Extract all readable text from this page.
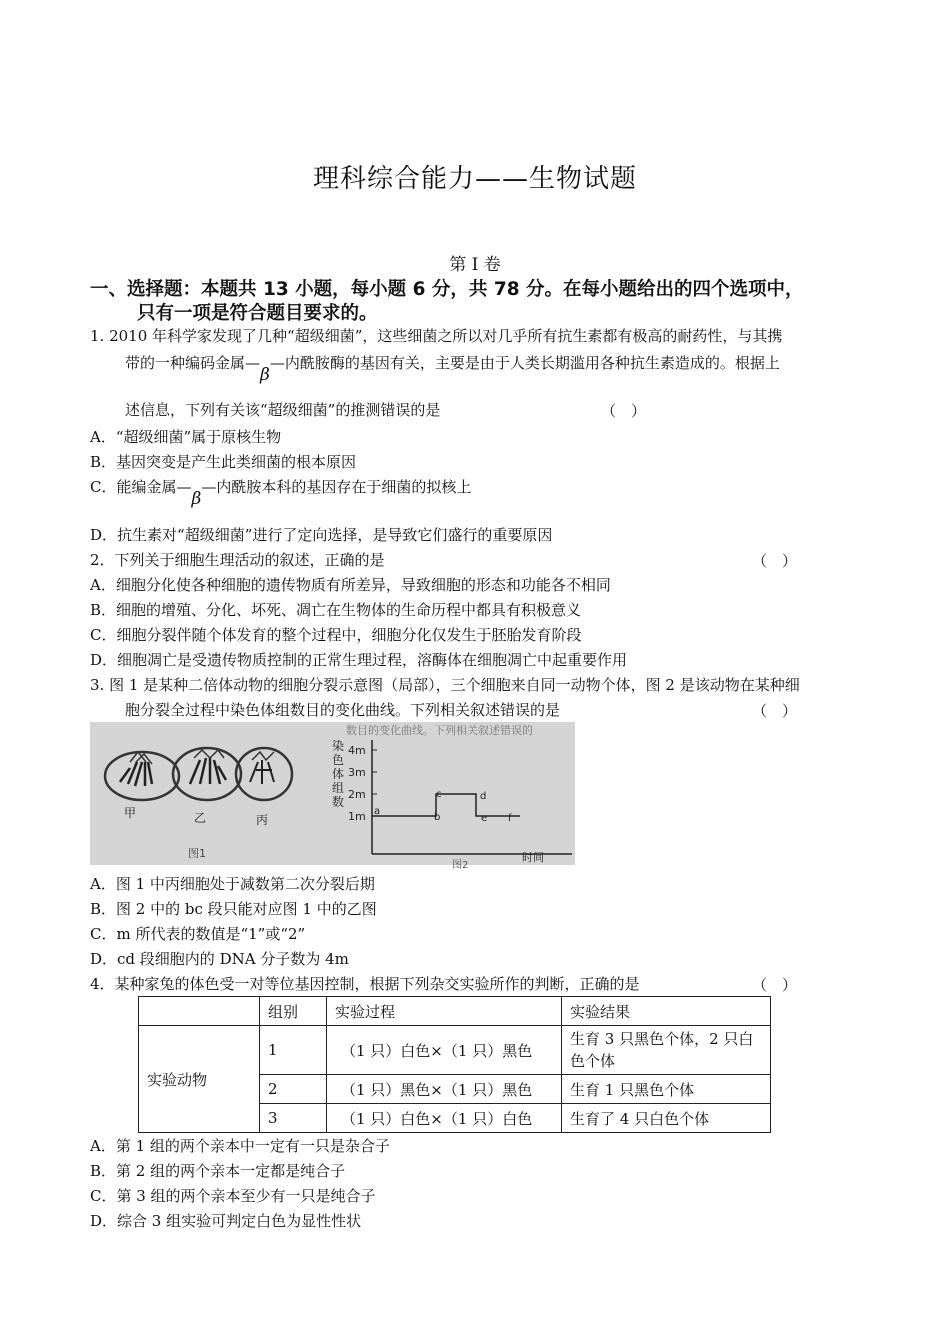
理科综合能力——生物试题
第 I 卷
一、选择题：本题共 13 小题，每小题 6 分，共 78 分。在每小题给出的四个选项中，
只有一项是符合题目要求的。
1. 2010 年科学家发现了几种“超级细菌”，这些细菌之所以对几乎所有抗生素都有极高的耐药性，与其携
带的一种编码金属—β—内酰胺酶的基因有关，主要是由于人类长期滥用各种抗生素造成的。根据上
述信息，下列有关该“超级细菌”的推测错误的是	（　）
A．“超级细菌”属于原核生物
B．基因突变是产生此类细菌的根本原因
C．能编金属—β—内酰胺本科的基因存在于细菌的拟核上
D．抗生素对“超级细菌”进行了定向选择，是导致它们盛行的重要原因
2．下列关于细胞生理活动的叙述，正确的是	（　）
A．细胞分化使各种细胞的遗传物质有所差异，导致细胞的形态和功能各不相同
B．细胞的增殖、分化、坏死、凋亡在生物体的生命历程中都具有积极意义
C．细胞分裂伴随个体发育的整个过程中，细胞分化仅发生于胚胎发育阶段
D．细胞凋亡是受遗传物质控制的正常生理过程，溶酶体在细胞凋亡中起重要作用
3. 图 1 是某种二倍体动物的细胞分裂示意图（局部），三个细胞来自同一动物个体，图 2 是该动物在某种细
胞分裂全过程中染色体组数目的变化曲线。下列相关叙述错误的是	（　）
甲	乙	丙
图1
数目的变化曲线。下列相关叙述错误的
染
色
体
组
数
4m
3m
2m
1m a
b
c	d
e f
时间
图2
A．图 1 中丙细胞处于减数第二次分裂后期
B．图 2 中的 bc 段只能对应图 1 中的乙图
C．m 所代表的数值是“1”或“2”
D．cd 段细胞内的 DNA 分子数为 4m
4．某种家兔的体色受一对等位基因控制，根据下列杂交实验所作的判断，正确的是	（　）
	组别	实验过程	实验结果
实验动物	1	（1 只）白色×（1 只）黑色	生育 3 只黑色个体，2 只白色个体
	2	（1 只）黑色×（1 只）黑色	生育 1 只黑色个体
	3	（1 只）白色×（1 只）白色	生育了 4 只白色个体
A．第 1 组的两个亲本中一定有一只是杂合子
B．第 2 组的两个亲本一定都是纯合子
C．第 3 组的两个亲本至少有一只是纯合子
D．综合 3 组实验可判定白色为显性性状
